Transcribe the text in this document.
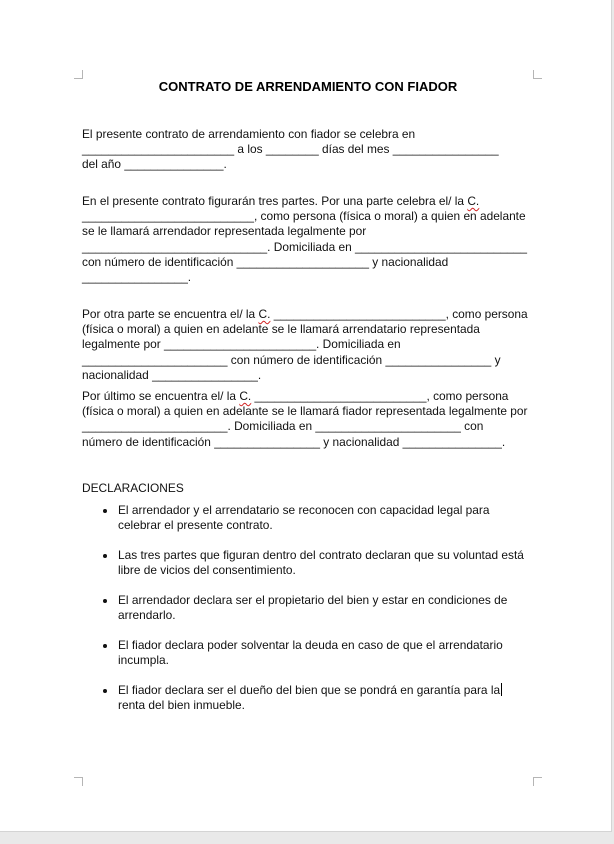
CONTRATO DE ARRENDAMIENTO CON FIADOR

El presente contrato de arrendamiento con fiador se celebra en
_______________________ a los ________ días del mes ________________
del año _______________.

En el presente contrato figurarán tres partes. Por una parte celebra el/ la C.
__________________________, como persona (física o moral) a quien en adelante
se le llamará arrendador representada legalmente por
____________________________. Domiciliada en __________________________
con número de identificación ____________________ y nacionalidad
________________.

Por otra parte se encuentra el/ la C. __________________________, como persona
(física o moral) a quien en adelante se le llamará arrendatario representada
legalmente por _______________________. Domiciliada en
______________________ con número de identificación ________________ y
nacionalidad ________________.

Por último se encuentra el/ la C. __________________________, como persona
(física o moral) a quien en adelante se le llamará fiador representada legalmente por
______________________. Domiciliada en ______________________ con
número de identificación ________________ y nacionalidad _______________.

DECLARACIONES

El arrendador y el arrendatario se reconocen con capacidad legal para
celebrar el presente contrato.
Las tres partes que figuran dentro del contrato declaran que su voluntad está
libre de vicios del consentimiento.
El arrendador declara ser el propietario del bien y estar en condiciones de
arrendarlo.
El fiador declara poder solventar la deuda en caso de que el arrendatario
incumpla.
El fiador declara ser el dueño del bien que se pondrá en garantía para la
renta del bien inmueble.
